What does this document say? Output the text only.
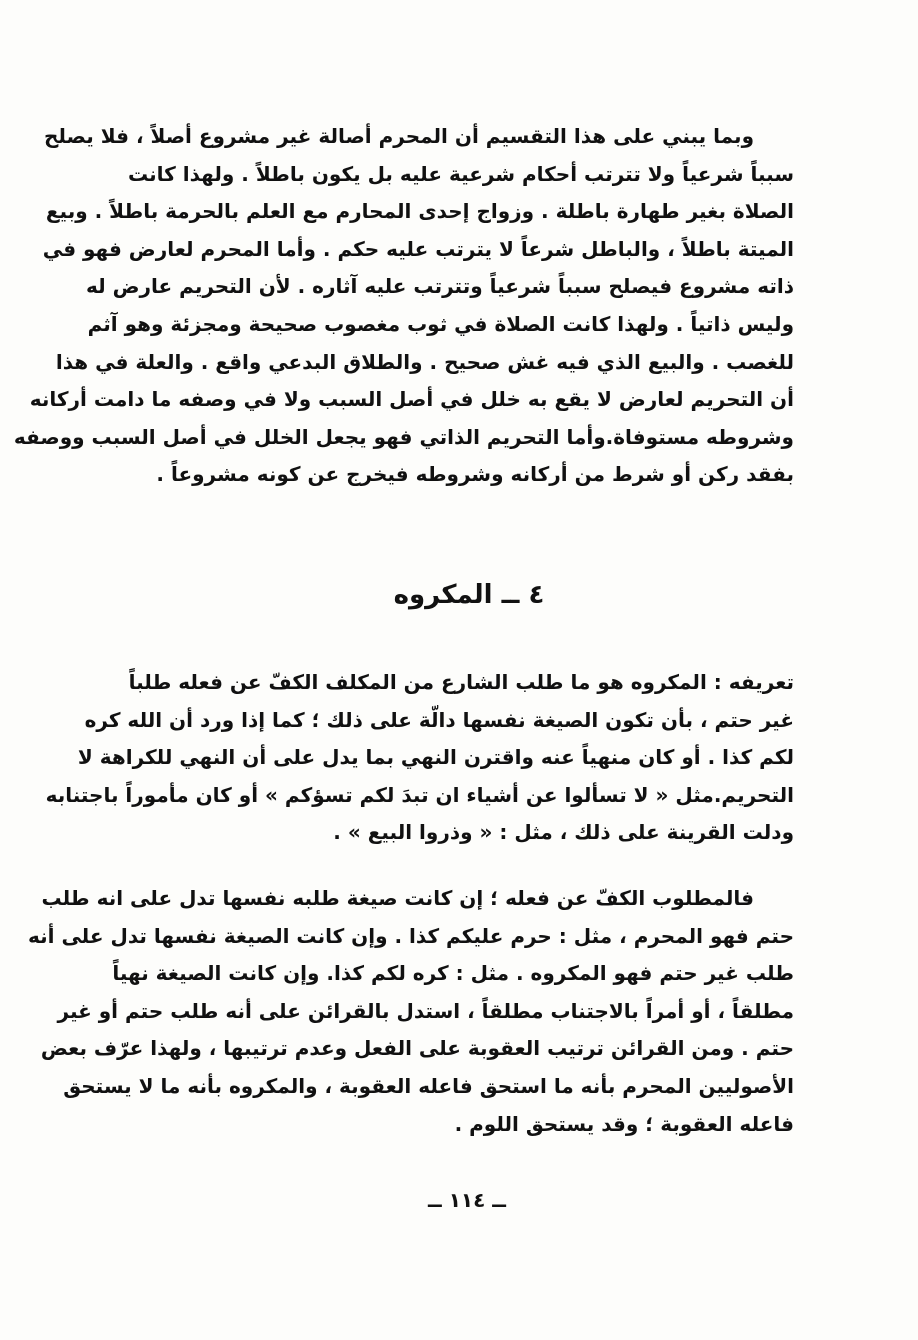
وبما يبني على هذا التقسيم أن المحرم أصالة غير مشروع أصلاً ، فلا يصلح
سبباً شرعياً ولا تترتب أحكام شرعية عليه بل يكون باطلاً . ولهذا كانت
الصلاة بغير طهارة باطلة . وزواج إحدى المحارم مع العلم بالحرمة باطلاً . وبيع
الميتة باطلاً ، والباطل شرعاً لا يترتب عليه حكم . وأما المحرم لعارض فهو في
ذاته مشروع فيصلح سبباً شرعياً وتترتب عليه آثاره . لأن التحريم عارض له
وليس ذاتياً . ولهذا كانت الصلاة في ثوب مغصوب صحيحة ومجزئة وهو آثم
للغصب . والبيع الذي فيه غش صحيح . والطلاق البدعي واقع . والعلة في هذا
أن التحريم لعارض لا يقع به خلل في أصل السبب ولا في وصفه ما دامت أركانه
وشروطه مستوفاة.وأما التحريم الذاتي فهو يجعل الخلل في أصل السبب ووصفه
بفقد ركن أو شرط من أركانه وشروطه فيخرج عن كونه مشروعاً .
٤ ــ المكروه
تعريفه : المكروه هو ما طلب الشارع من المكلف الكفّ عن فعله طلباً
غير حتم ، بأن تكون الصيغة نفسها دالّة على ذلك ؛ كما إذا ورد أن الله كره
لكم كذا . أو كان منهياً عنه واقترن النهي بما يدل على أن النهي للكراهة لا
التحريم.مثل « لا تسألوا عن أشياء ان تبدَ لكم تسؤكم » أو كان مأموراً باجتنابه
ودلت القرينة على ذلك ، مثل : « وذروا البيع » .
فالمطلوب الكفّ عن فعله ؛ إن كانت صيغة طلبه نفسها تدل على انه طلب
حتم فهو المحرم ، مثل : حرم عليكم كذا . وإن كانت الصيغة نفسها تدل على أنه
طلب غير حتم فهو المكروه . مثل : كره لكم كذا. وإن كانت الصيغة نهياً
مطلقاً ، أو أمراً بالاجتناب مطلقاً ، استدل بالقرائن على أنه طلب حتم أو غير
حتم . ومن القرائن ترتيب العقوبة على الفعل وعدم ترتيبها ، ولهذا عرّف بعض
الأصوليين المحرم بأنه ما استحق فاعله العقوبة ، والمكروه بأنه ما لا يستحق
فاعله العقوبة ؛ وقد يستحق اللوم .
ــ ١١٤ ــ
